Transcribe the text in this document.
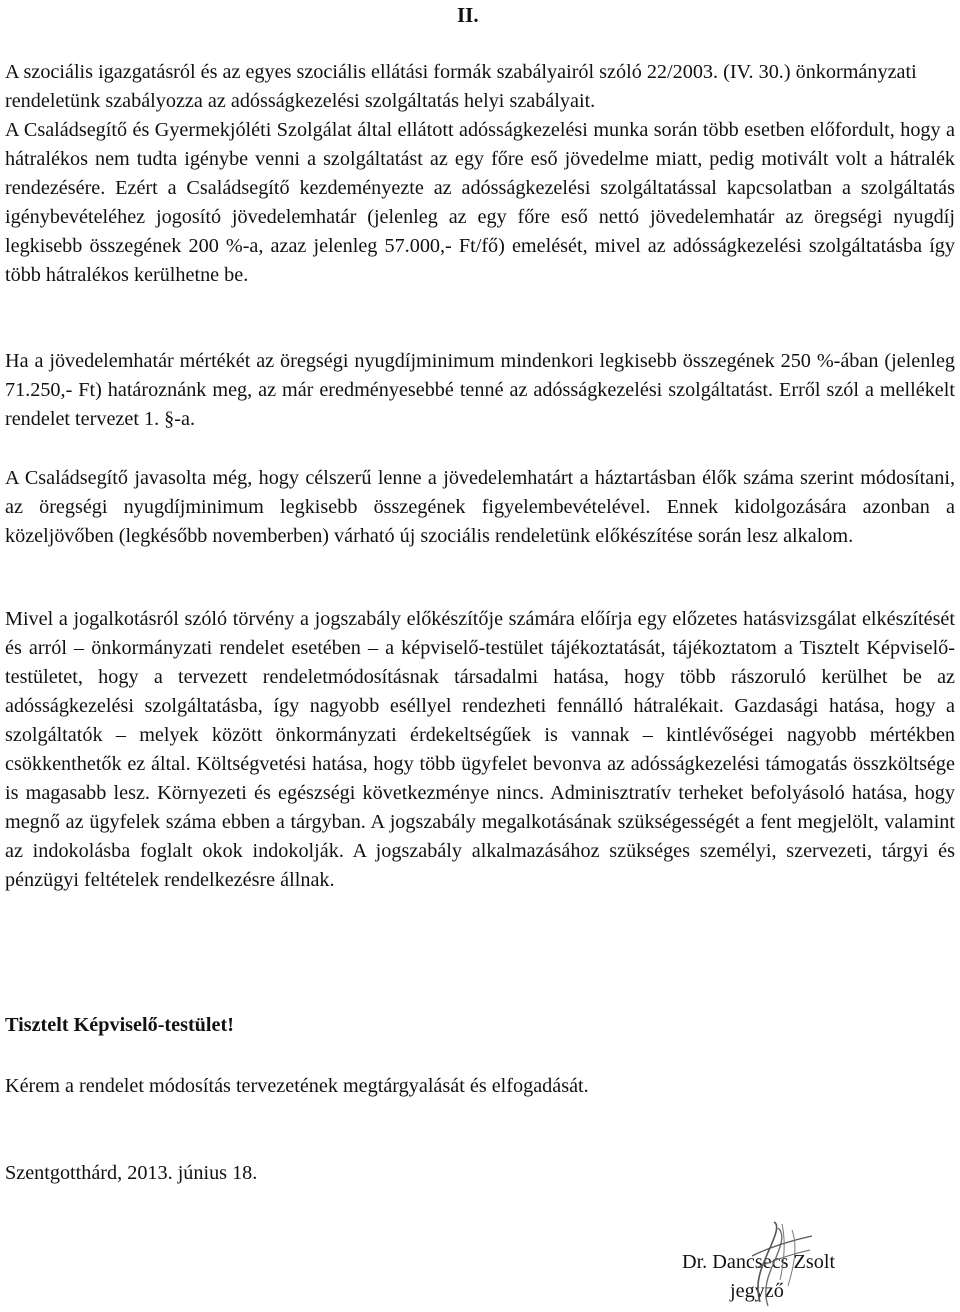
II.

A szociális igazgatásról és az egyes szociális ellátási formák szabályairól szóló 22/2003. (IV. 30.) önkormányzati rendeletünk szabályozza az adósságkezelési szolgáltatás helyi szabályait.

A Családsegítő és Gyermekjóléti Szolgálat által ellátott adósságkezelési munka során több esetben előfordult, hogy a hátralékos nem tudta igénybe venni a szolgáltatást az egy főre eső jövedelme miatt, pedig motivált volt a hátralék rendezésére. Ezért a Családsegítő kezdeményezte az adósságkezelési szolgáltatással kapcsolatban a szolgáltatás igénybevételéhez jogosító jövedelemhatár (jelenleg az egy főre eső nettó jövedelemhatár az öregségi nyugdíj legkisebb összegének 200 %-a, azaz jelenleg 57.000,- Ft/fő) emelését, mivel az adósságkezelési szolgáltatásba így több hátralékos kerülhetne be.

Ha a jövedelemhatár mértékét az öregségi nyugdíjminimum mindenkori legkisebb összegének 250 %-ában (jelenleg 71.250,- Ft) határoznánk meg, az már eredményesebbé tenné az adósságkezelési szolgáltatást. Erről szól a mellékelt rendelet tervezet 1. §-a.

A Családsegítő javasolta még, hogy célszerű lenne a jövedelemhatárt a háztartásban élők száma szerint módosítani, az öregségi nyugdíjminimum legkisebb összegének figyelembevételével. Ennek kidolgozására azonban a közeljövőben (legkésőbb novemberben) várható új szociális rendeletünk előkészítése során lesz alkalom.

Mivel a jogalkotásról szóló törvény a jogszabály előkészítője számára előírja egy előzetes hatásvizsgálat elkészítését és arról – önkormányzati rendelet esetében – a képviselő-testület tájékoztatását, tájékoztatom a Tisztelt Képviselő-testületet, hogy a tervezett rendeletmódosításnak társadalmi hatása, hogy több rászoruló kerülhet be az adósságkezelési szolgáltatásba, így nagyobb eséllyel rendezheti fennálló hátralékait. Gazdasági hatása, hogy a szolgáltatók – melyek között önkormányzati érdekeltségűek is vannak – kintlévőségei nagyobb mértékben csökkenthetők ez által. Költségvetési hatása, hogy több ügyfelet bevonva az adósságkezelési támogatás összköltsége is magasabb lesz. Környezeti és egészségi következménye nincs. Adminisztratív terheket befolyásoló hatása, hogy megnő az ügyfelek száma ebben a tárgyban. A jogszabály megalkotásának szükségességét a fent megjelölt, valamint az indokolásba foglalt okok indokolják. A jogszabály alkalmazásához szükséges személyi, szervezeti, tárgyi és pénzügyi feltételek rendelkezésre állnak.

Tisztelt Képviselő-testület!

Kérem a rendelet módosítás tervezetének megtárgyalását és elfogadását.

Szentgotthárd, 2013. június 18.

Dr. Dancsecs Zsolt
jegyző
